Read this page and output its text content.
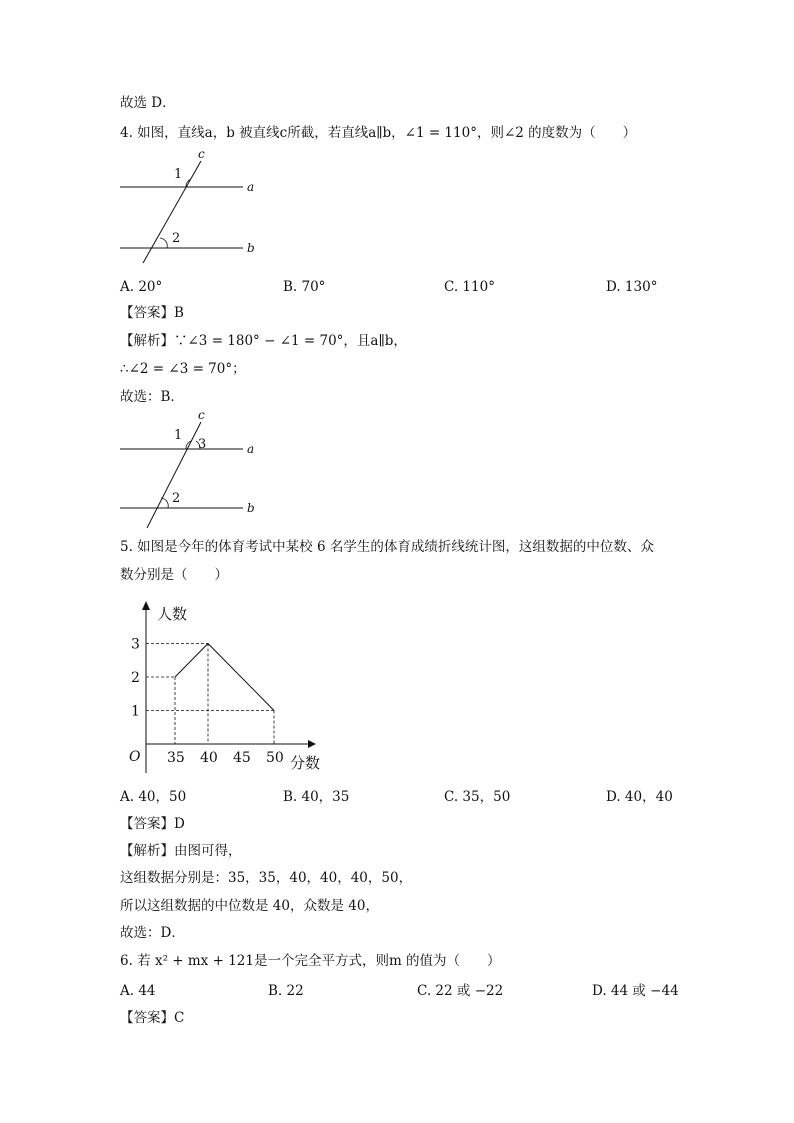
故选 D．
4. 如图，直线a，b 被直线c所截，若直线a∥b，∠1 = 110°，则∠2 的度数为（　　）
c
a
b
1
2
A. 20°	B. 70°	C. 110°	D. 130°
【答案】B
【解析】∵∠3 = 180° − ∠1 = 70°，且a∥b，
∴∠2 = ∠3 = 70°；
故选：B．
c
a
b
1
3
2
5. 如图是今年的体育考试中某校 6 名学生的体育成绩折线统计图，这组数据的中位数、众
数分别是（　　）
人数
分数
O 35 40 45 50
1
2
3
A. 40，50	B. 40，35	C. 35，50	D. 40，40
【答案】D
【解析】由图可得，
这组数据分别是：35，35，40，40，40，50，
所以这组数据的中位数是 40，众数是 40，
故选：D．
6. 若 x² + mx + 121是一个完全平方式，则m 的值为（　　）
A. 44	B. 22	C. 22 或 −22	D. 44 或 −44
【答案】C
